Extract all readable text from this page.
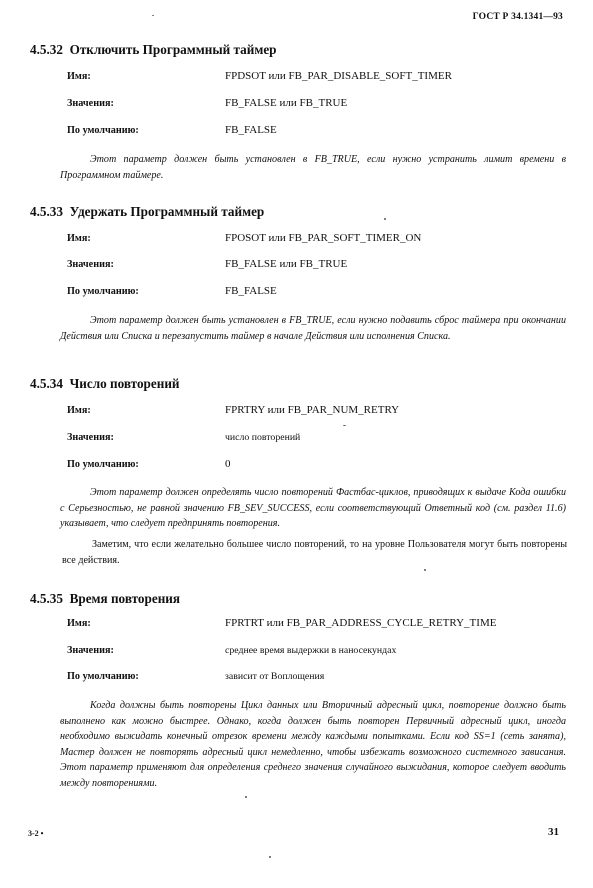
ГОСТ Р 34.1341—93
4.5.32 Отключить Программный таймер
Имя:	FPDSOT или FB_PAR_DISABLE_SOFT_TIMER
Значения:	FB_FALSE или FB_TRUE
По умолчанию:	FB_FALSE
Этот параметр должен быть установлен в FB_TRUE, если нужно устранить лимит времени в Программном таймере.
4.5.33 Удержать Программный таймер
Имя:	FPOSOT или FB_PAR_SOFT_TIMER_ON
Значения:	FB_FALSE или FB_TRUE
По умолчанию:	FB_FALSE
Этот параметр должен быть установлен в FB_TRUE, если нужно подавить сброс таймера при окончании Действия или Списка и перезапустить таймер в начале Действия или исполнения Списка.
4.5.34 Число повторений
Имя:	FPRTRY или FB_PAR_NUM_RETRY
Значения:	число повторений
По умолчанию:	0
Этот параметр должен определять число повторений Фастбас-циклов, приводящих к выдаче Кода ошибки с Серьезностью, не равной значению FB_SEV_SUCCESS, если соответствующий Ответный код (см. раздел 11.6) указывает, что следует предпринять повторения.
Заметим, что если желательно большее число повторений, то на уровне Пользователя могут быть повторены все действия.
4.5.35 Время повторения
Имя:	FPRTRT или FB_PAR_ADDRESS_CYCLE_RETRY_TIME
Значения:	среднее время выдержки в наносекундах
По умолчанию:	зависит от Воплощения
Когда должны быть повторены Цикл данных или Вторичный адресный цикл, повторение должно быть выполнено как можно быстрее. Однако, когда должен быть повторен Первичный адресный цикл, иногда необходимо выжидать конечный отрезок времени между каждыми попытками. Если код SS=1 (сеть занята), Мастер должен не повторять адресный цикл немедленно, чтобы избежать возможного системного зависания. Этот параметр применяют для определения среднего значения случайного выжидания, которое следует вводить между повторениями.
3-2 •	31
